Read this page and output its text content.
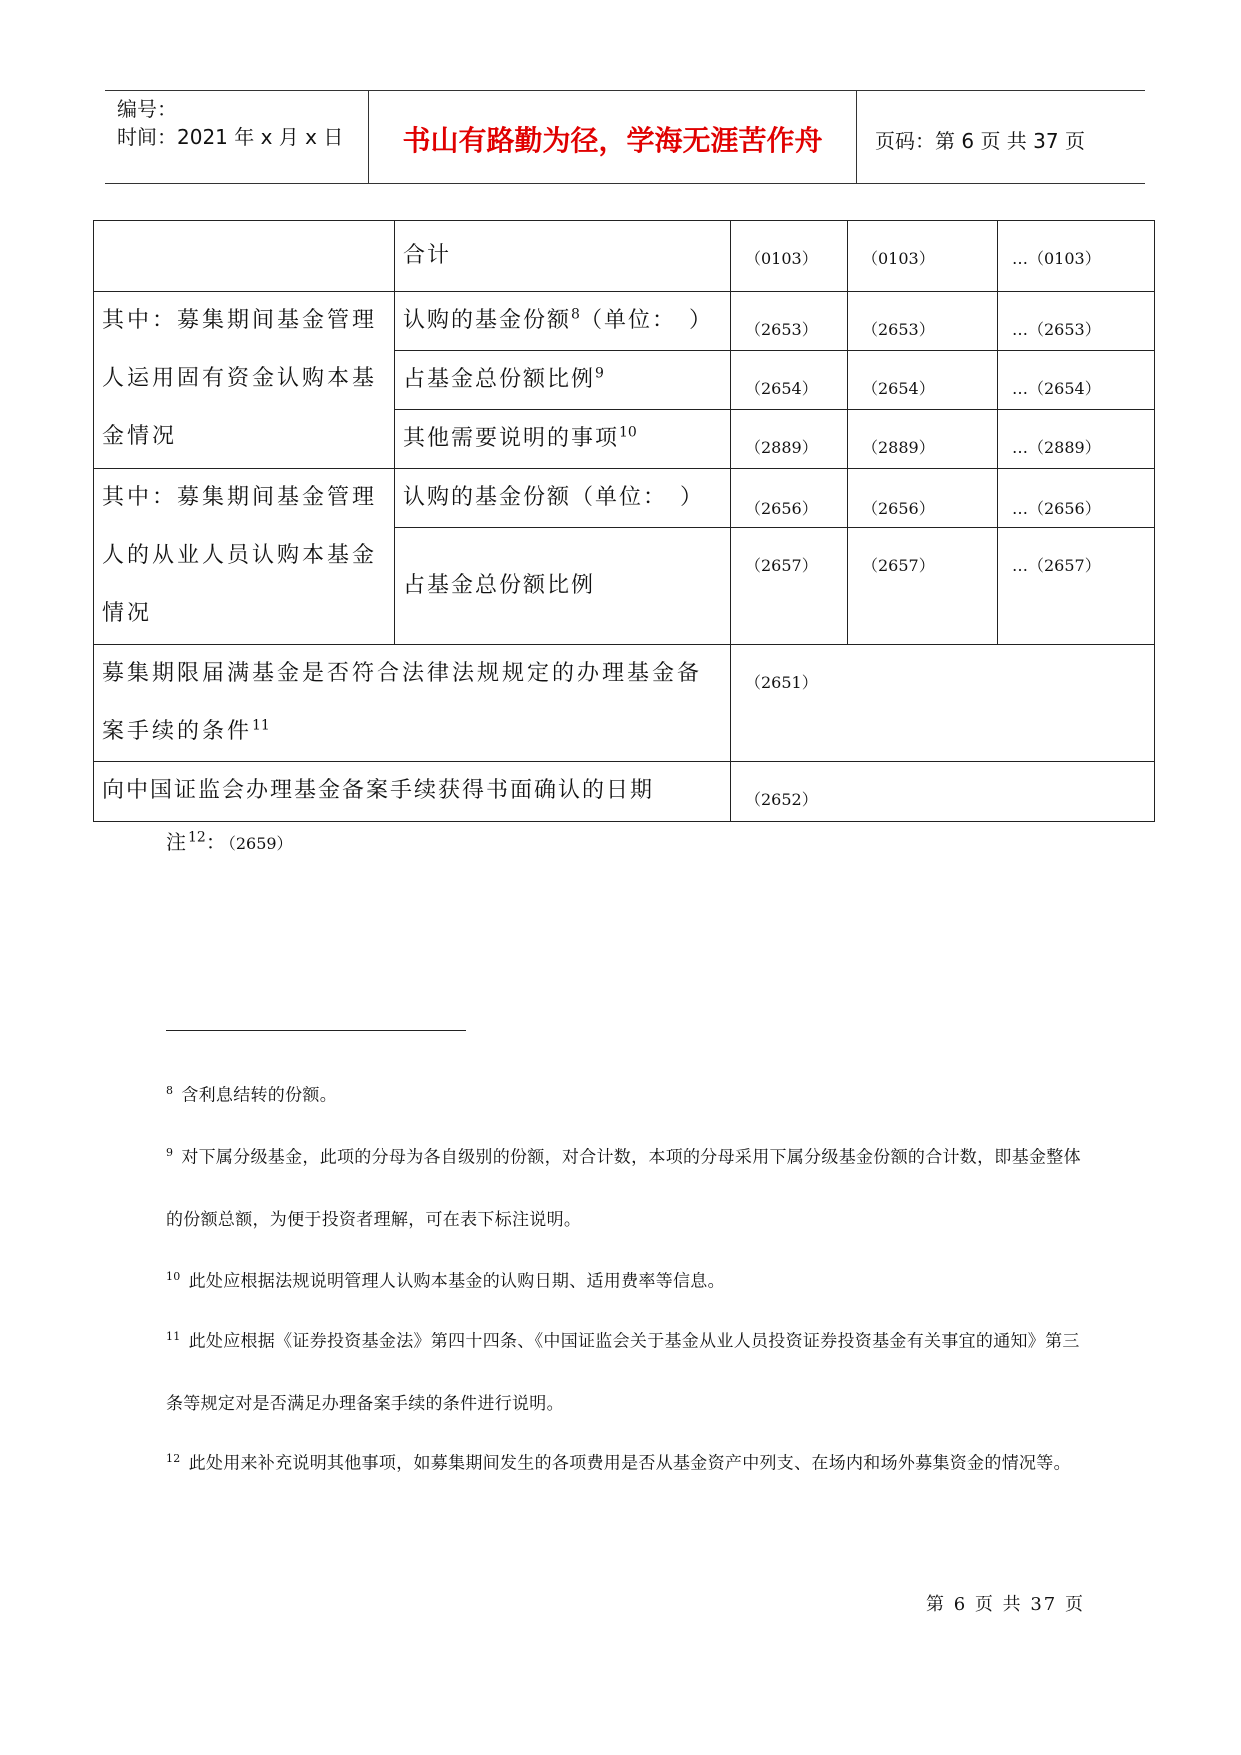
编号：
时间：2021 年 x 月 x 日	书山有路勤为径，学海无涯苦作舟	页码：第 6 页 共 37 页
	合计	（0103）	（0103）	…（0103）
其中：募集期间基金管理人运用固有资金认购本基金情况	认购的基金份额$^8$（单位：　）	（2653）	（2653）	…（2653）
	占基金总份额比例$^9$	（2654）	（2654）	…（2654）
	其他需要说明的事项$^{10}$	（2889）	（2889）	…（2889）
其中：募集期间基金管理人的从业人员认购本基金情况	认购的基金份额（单位：　）	（2656）	（2656）	…（2656）
	占基金总份额比例	（2657）	（2657）	…（2657）
募集期限届满基金是否符合法律法规规定的办理基金备案手续的条件$^{11}$		（2651）		
向中国证监会办理基金备案手续获得书面确认的日期		（2652）		
注$^{12}$：（2659）
$^8$ 含利息结转的份额。
$^9$ 对下属分级基金，此项的分母为各自级别的份额，对合计数，本项的分母采用下属分级基金份额的合计数，即基金整体的份额总额，为便于投资者理解，可在表下标注说明。
$^{10}$ 此处应根据法规说明管理人认购本基金的认购日期、适用费率等信息。
$^{11}$ 此处应根据《证券投资基金法》第四十四条、《中国证监会关于基金从业人员投资证券投资基金有关事宜的通知》第三条等规定对是否满足办理备案手续的条件进行说明。
$^{12}$ 此处用来补充说明其他事项，如募集期间发生的各项费用是否从基金资产中列支、在场内和场外募集资金的情况等。
第 6 页 共 37 页
